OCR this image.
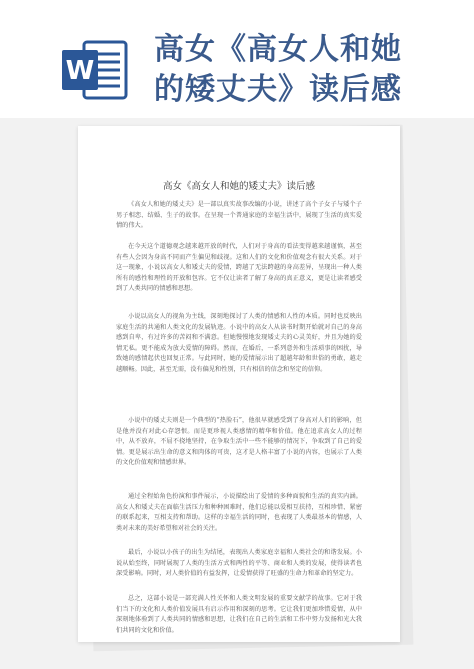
W
高女《高女人和她
的矮丈夫》读后感
高女《高女人和她的矮丈夫》读后感

《高女人和她的矮丈夫》是一部以真实故事改编的小说，讲述了高个子女子与矮个子男子相恋、结婚、生子的故事。在呈现一个普通家庭的幸福生活中，展现了生活的真实爱情的伟大。

在今天这个道德观念越来越开放的时代，人们对于身高的看法变得越来越谨慎，甚至有些人会因为身高不同而产生偏见和歧视。这和人们的文化和价值观念有很大关系。对于这一现象，小说以高女人和矮丈夫的爱情，跨越了无法跨越的身高差异，呈现出一种人类所有的感性和理性的开放和包容。它不仅让读者了解了身高的真正意义，更是让读者感受到了人类共同的情感和思想。

小说以高女人的视角为主线，深刻地探讨了人类的情感和人性的本质。同时也反映出家庭生活的共通和人类文化的发展轨迹。小说中的高女人从读书时期开始就对自己的身高感到自卑，有过许多的苦闷和不满意。但她慢慢地发现矮丈夫的心灵美好，并且为她的爱情无私。更不能成为放大爱情的障碍。然而，在婚后，一系列意外和生活琐事的困扰，导致她的感情起伏也回复正常。与此同时，她的爱情展示出了超越年龄和世俗的勇敢，越走越顺畅。因此，甚至无需，没有偏见和性别，只有相信的信念和坚定的信仰。

小说中的矮丈夫则是一个典型的“热脸石”，他很早就感受到了身高对人们的影响，但是他并没有对此心存怨恨。而是更珍视人类感情的精华和价值。他在追求高女人的过程中，从不放弃，不屈不挠地坚持，在争取生活中一些不能够的情况下，争取到了自己的爱情。更是展示出生命的意义和肉体的可贵，这才是人格丰富了小说的内容，也展示了人类的文化价值观和情感世界。

通过全程始角色扮演和事件展示，小说描绘出了爱情的多种面貌和生活的真实内涵。高女人和矮丈夫在面临生活压力和种种困难时，他们总能以爱相互扶持，互相珍惜、紧密的联系起来，互相支持和帮助。这样的幸福生活的同时，也表现了人类最基本的情感，人类对未来的美好希望和对社会的关注。

最后，小说以小孩子的出生为结尾，表现出人类家庭幸福和人类社会的和谐发展。小说从始至终，同时展现了人类的生活方式和两性的平等、商业和人类的发展，使得读者也深受影响。同时，对人类价值的有益发挥，让爱情获得了旺盛的生命力和革命的坚定力。

总之，这部小说是一部充满人性关怀和人类文明发展的重要文献学的故事。它对于我们当下的文化和人类价值发展具有启示作用和深刻的思考。它让我们更加珍惜爱情，从中深刻地体验到了人类共同的情感和思想，让我们在自己的生活和工作中努力发扬和光大我们共同的文化和价值。
